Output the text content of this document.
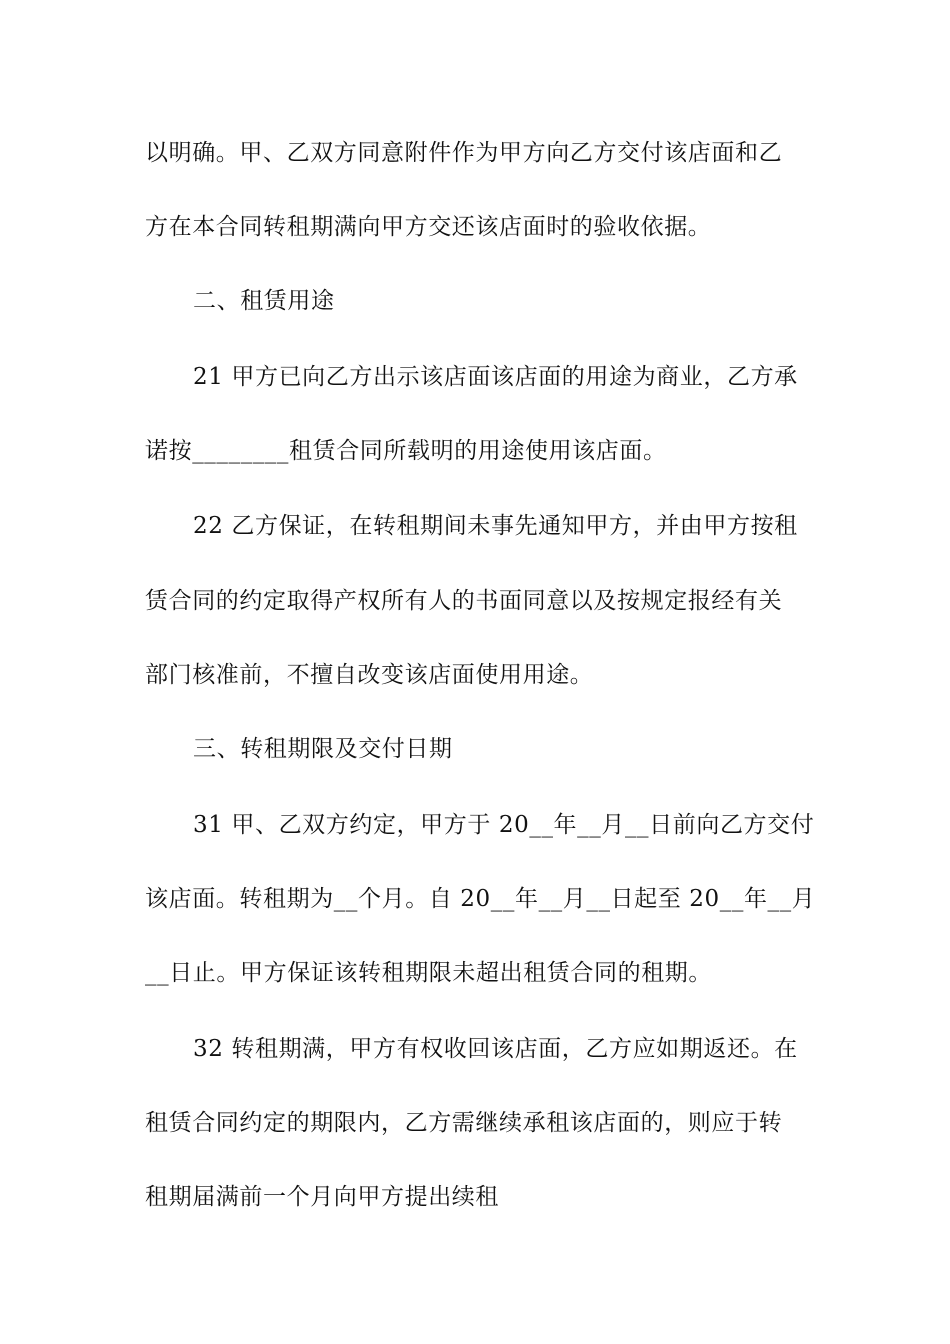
以明确。甲、乙双方同意附件作为甲方向乙方交付该店面和乙
方在本合同转租期满向甲方交还该店面时的验收依据。
二、租赁用途
21 甲方已向乙方出示该店面该店面的用途为商业，乙方承
诺按________租赁合同所载明的用途使用该店面。
22 乙方保证，在转租期间未事先通知甲方，并由甲方按租
赁合同的约定取得产权所有人的书面同意以及按规定报经有关
部门核准前，不擅自改变该店面使用用途。
三、转租期限及交付日期
31 甲、乙双方约定，甲方于 20__年__月__日前向乙方交付
该店面。转租期为__个月。自 20__年__月__日起至 20__年__月
__日止。甲方保证该转租期限未超出租赁合同的租期。
32 转租期满，甲方有权收回该店面，乙方应如期返还。在
租赁合同约定的期限内，乙方需继续承租该店面的，则应于转
租期届满前一个月向甲方提出续租
